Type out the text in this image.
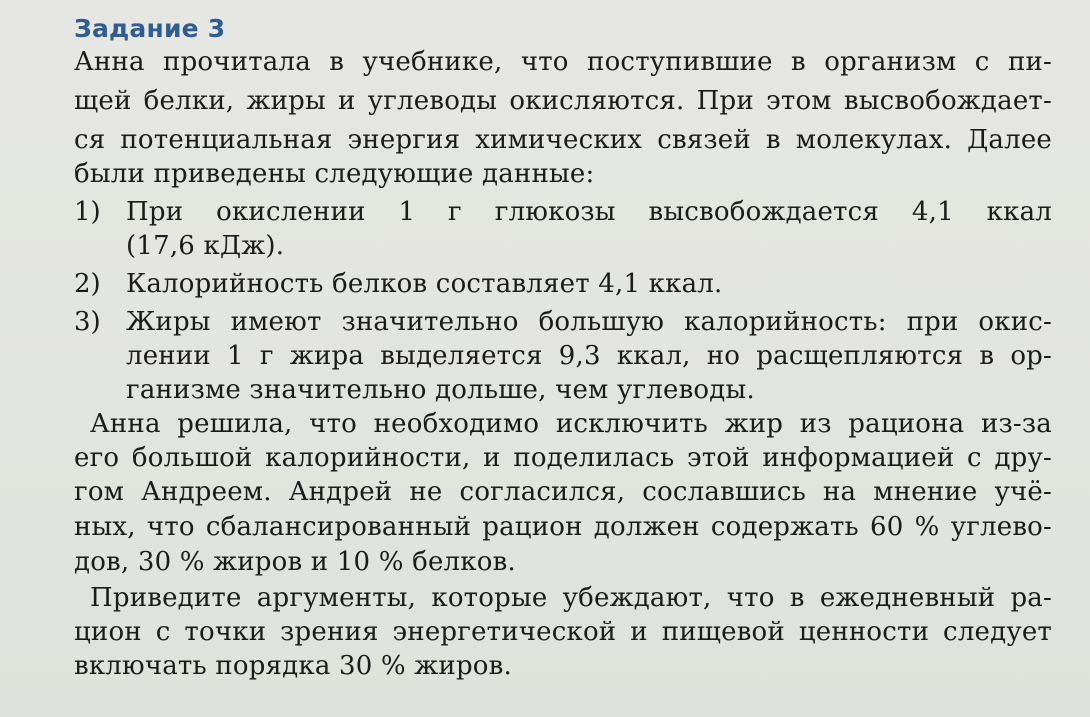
Задание 3
Анна прочитала в учебнике, что поступившие в организм с пи-
щей белки, жиры и углеводы окисляются. При этом высвобождает-
ся потенциальная энергия химических связей в молекулах. Далее
были приведены следующие данные:
1) При окислении 1 г глюкозы высвобождается 4,1 ккал
(17,6 кДж).
2) Калорийность белков составляет 4,1 ккал.
3) Жиры имеют значительно большую калорийность: при окис-
лении 1 г жира выделяется 9,3 ккал, но расщепляются в ор-
ганизме значительно дольше, чем углеводы.
Анна решила, что необходимо исключить жир из рациона из-за
его большой калорийности, и поделилась этой информацией с дру-
гом Андреем. Андрей не согласился, сославшись на мнение учё-
ных, что сбалансированный рацион должен содержать 60 % углево-
дов, 30 % жиров и 10 % белков.
Приведите аргументы, которые убеждают, что в ежедневный ра-
цион с точки зрения энергетической и пищевой ценности следует
включать порядка 30 % жиров.
